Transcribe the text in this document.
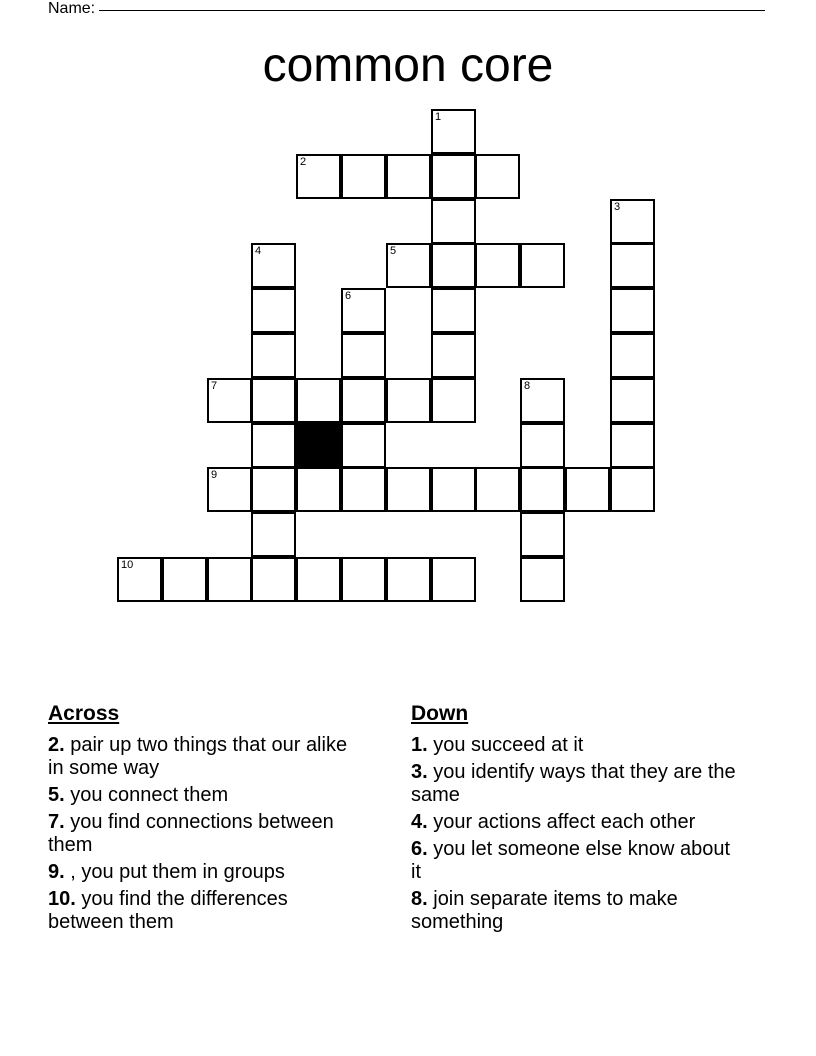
Name:
common core
1
2
3
4	5
6
7	8
9
10
Across
2. pair up two things that our alike in some way
5. you connect them
7. you find connections between them
9. , you put them in groups
10. you find the differences between them
Down
1. you succeed at it
3. you identify ways that they are the same
4. your actions affect each other
6. you let someone else know about it
8. join separate items to make something
